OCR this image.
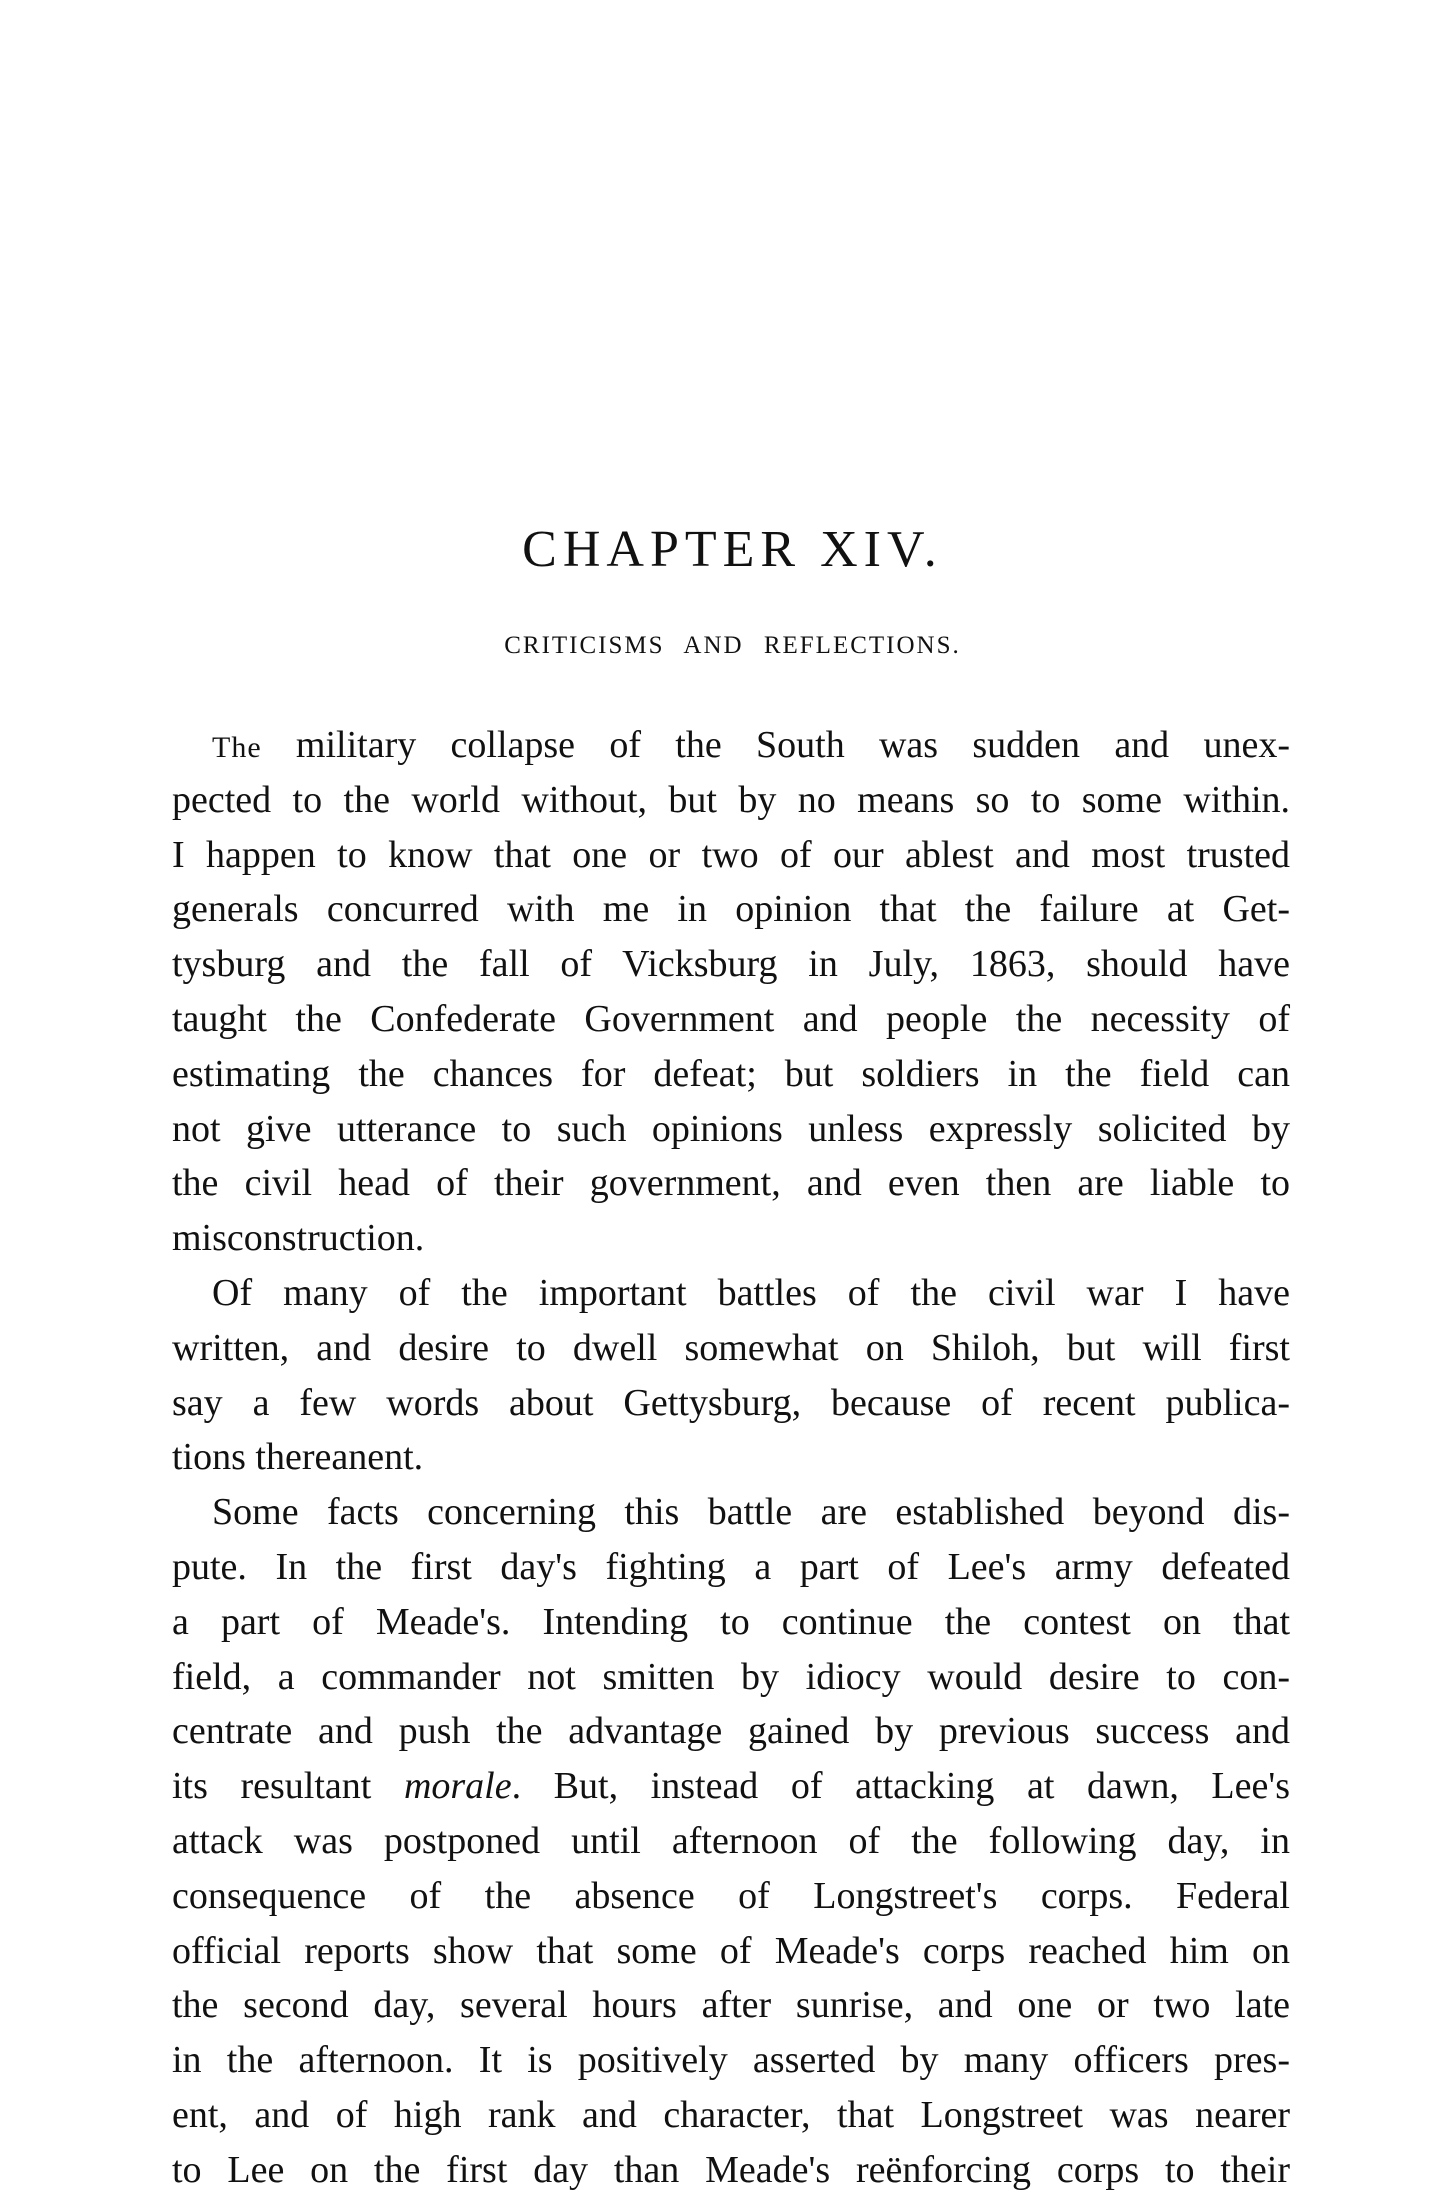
CHAPTER XIV.
CRITICISMS AND REFLECTIONS.
The military collapse of the South was sudden and unex-
pected to the world without, but by no means so to some within.
I happen to know that one or two of our ablest and most trusted
generals concurred with me in opinion that the failure at Get-
tysburg and the fall of Vicksburg in July, 1863, should have
taught the Confederate Government and people the necessity of
estimating the chances for defeat; but soldiers in the field can
not give utterance to such opinions unless expressly solicited by
the civil head of their government, and even then are liable to
misconstruction.
Of many of the important battles of the civil war I have
written, and desire to dwell somewhat on Shiloh, but will first
say a few words about Gettysburg, because of recent publica-
tions thereanent.
Some facts concerning this battle are established beyond dis-
pute. In the first day's fighting a part of Lee's army defeated
a part of Meade's. Intending to continue the contest on that
field, a commander not smitten by idiocy would desire to con-
centrate and push the advantage gained by previous success and
its resultant morale. But, instead of attacking at dawn, Lee's
attack was postponed until afternoon of the following day, in
consequence of the absence of Longstreet's corps. Federal
official reports show that some of Meade's corps reached him on
the second day, several hours after sunrise, and one or two late
in the afternoon. It is positively asserted by many officers pres-
ent, and of high rank and character, that Longstreet was nearer
to Lee on the first day than Meade's reënforcing corps to their
